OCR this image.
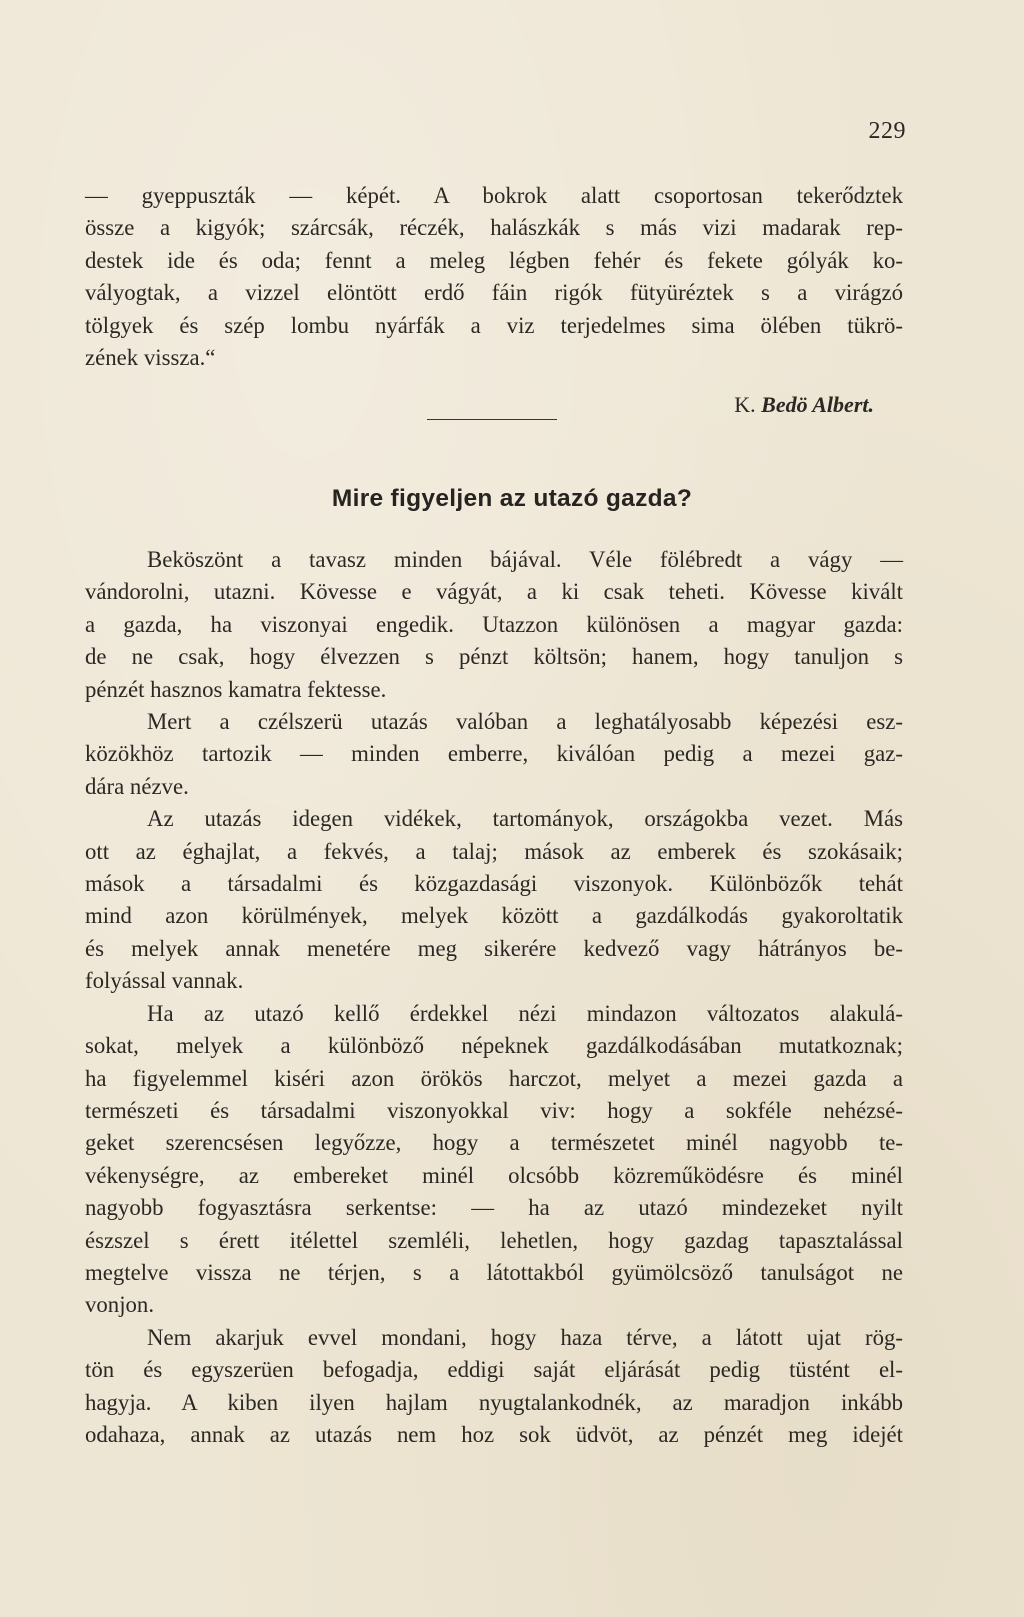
229
— gyeppuszták — képét. A bokrok alatt csoportosan tekerődztek
össze a kigyók; szárcsák, réczék, halászkák s más vizi madarak rep-
destek ide és oda; fennt a meleg légben fehér és fekete gólyák ko-
vályogtak, a vizzel elöntött erdő fáin rigók fütyüréztek s a virágzó
tölgyek és szép lombu nyárfák a viz terjedelmes sima ölében tükrö-
zének vissza.“
K. Bedö Albert.
Mire figyeljen az utazó gazda?
Beköszönt a tavasz minden bájával. Véle fölébredt a vágy —
vándorolni, utazni. Kövesse e vágyát, a ki csak teheti. Kövesse kivált
a gazda, ha viszonyai engedik. Utazzon különösen a magyar gazda:
de ne csak, hogy élvezzen s pénzt költsön; hanem, hogy tanuljon s
pénzét hasznos kamatra fektesse.
Mert a czélszerü utazás valóban a leghatályosabb képezési esz-
közökhöz tartozik — minden emberre, kiválóan pedig a mezei gaz-
dára nézve.
Az utazás idegen vidékek, tartományok, országokba vezet. Más
ott az éghajlat, a fekvés, a talaj; mások az emberek és szokásaik;
mások a társadalmi és közgazdasági viszonyok. Különbözők tehát
mind azon körülmények, melyek között a gazdálkodás gyakoroltatik
és melyek annak menetére meg sikerére kedvező vagy hátrányos be-
folyással vannak.
Ha az utazó kellő érdekkel nézi mindazon változatos alakulá-
sokat, melyek a különböző népeknek gazdálkodásában mutatkoznak;
ha figyelemmel kiséri azon örökös harczot, melyet a mezei gazda a
természeti és társadalmi viszonyokkal viv: hogy a sokféle nehézsé-
geket szerencsésen legyőzze, hogy a természetet minél nagyobb te-
vékenységre, az embereket minél olcsóbb közreműködésre és minél
nagyobb fogyasztásra serkentse: — ha az utazó mindezeket nyilt
észszel s érett itélettel szemléli, lehetlen, hogy gazdag tapasztalással
megtelve vissza ne térjen, s a látottakból gyümölcsöző tanulságot ne
vonjon.
Nem akarjuk evvel mondani, hogy haza térve, a látott ujat rög-
tön és egyszerüen befogadja, eddigi saját eljárását pedig tüstént el-
hagyja. A kiben ilyen hajlam nyugtalankodnék, az maradjon inkább
odahaza, annak az utazás nem hoz sok üdvöt, az pénzét meg idejét
